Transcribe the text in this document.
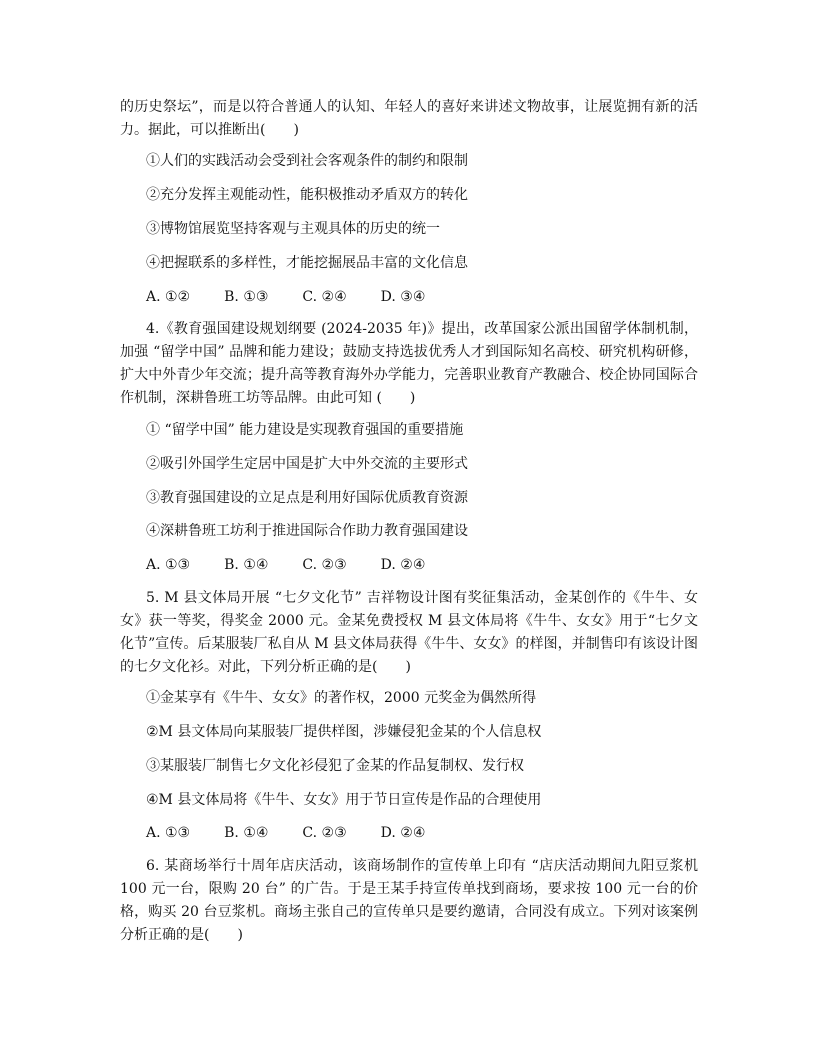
的历史祭坛”，而是以符合普通人的认知、年轻人的喜好来讲述文物故事，让展览拥有新的活力。据此，可以推断出(　　)
①人们的实践活动会受到社会客观条件的制约和限制
②充分发挥主观能动性，能积极推动矛盾双方的转化
③博物馆展览坚持客观与主观具体的历史的统一
④把握联系的多样性，才能挖掘展品丰富的文化信息
A. ①② B. ①③ C. ②④ D. ③④
4.《教育强国建设规划纲要 (2024-2035 年)》提出，改革国家公派出国留学体制机制，加强 “留学中国” 品牌和能力建设；鼓励支持选拔优秀人才到国际知名高校、研究机构研修，扩大中外青少年交流；提升高等教育海外办学能力，完善职业教育产教融合、校企协同国际合作机制，深耕鲁班工坊等品牌。由此可知 (　　)
① “留学中国” 能力建设是实现教育强国的重要措施
②吸引外国学生定居中国是扩大中外交流的主要形式
③教育强国建设的立足点是利用好国际优质教育资源
④深耕鲁班工坊利于推进国际合作助力教育强国建设
A. ①③ B. ①④ C. ②③ D. ②④
5. M 县文体局开展 “七夕文化节” 吉祥物设计图有奖征集活动，金某创作的《牛牛、女女》获一等奖，得奖金 2000 元。金某免费授权 M 县文体局将《牛牛、女女》用于“七夕文化节”宣传。后某服装厂私自从 M 县文体局获得《牛牛、女女》的样图，并制售印有该设计图的七夕文化衫。对此，下列分析正确的是(　　)
①金某享有《牛牛、女女》的著作权，2000 元奖金为偶然所得
②M 县文体局向某服装厂提供样图，涉嫌侵犯金某的个人信息权
③某服装厂制售七夕文化衫侵犯了金某的作品复制权、发行权
④M 县文体局将《牛牛、女女》用于节日宣传是作品的合理使用
A. ①③ B. ①④ C. ②③ D. ②④
6. 某商场举行十周年店庆活动，该商场制作的宣传单上印有 “店庆活动期间九阳豆浆机 100 元一台，限购 20 台” 的广告。于是王某手持宣传单找到商场，要求按 100 元一台的价格，购买 20 台豆浆机。商场主张自己的宣传单只是要约邀请，合同没有成立。下列对该案例分析正确的是(　　)
